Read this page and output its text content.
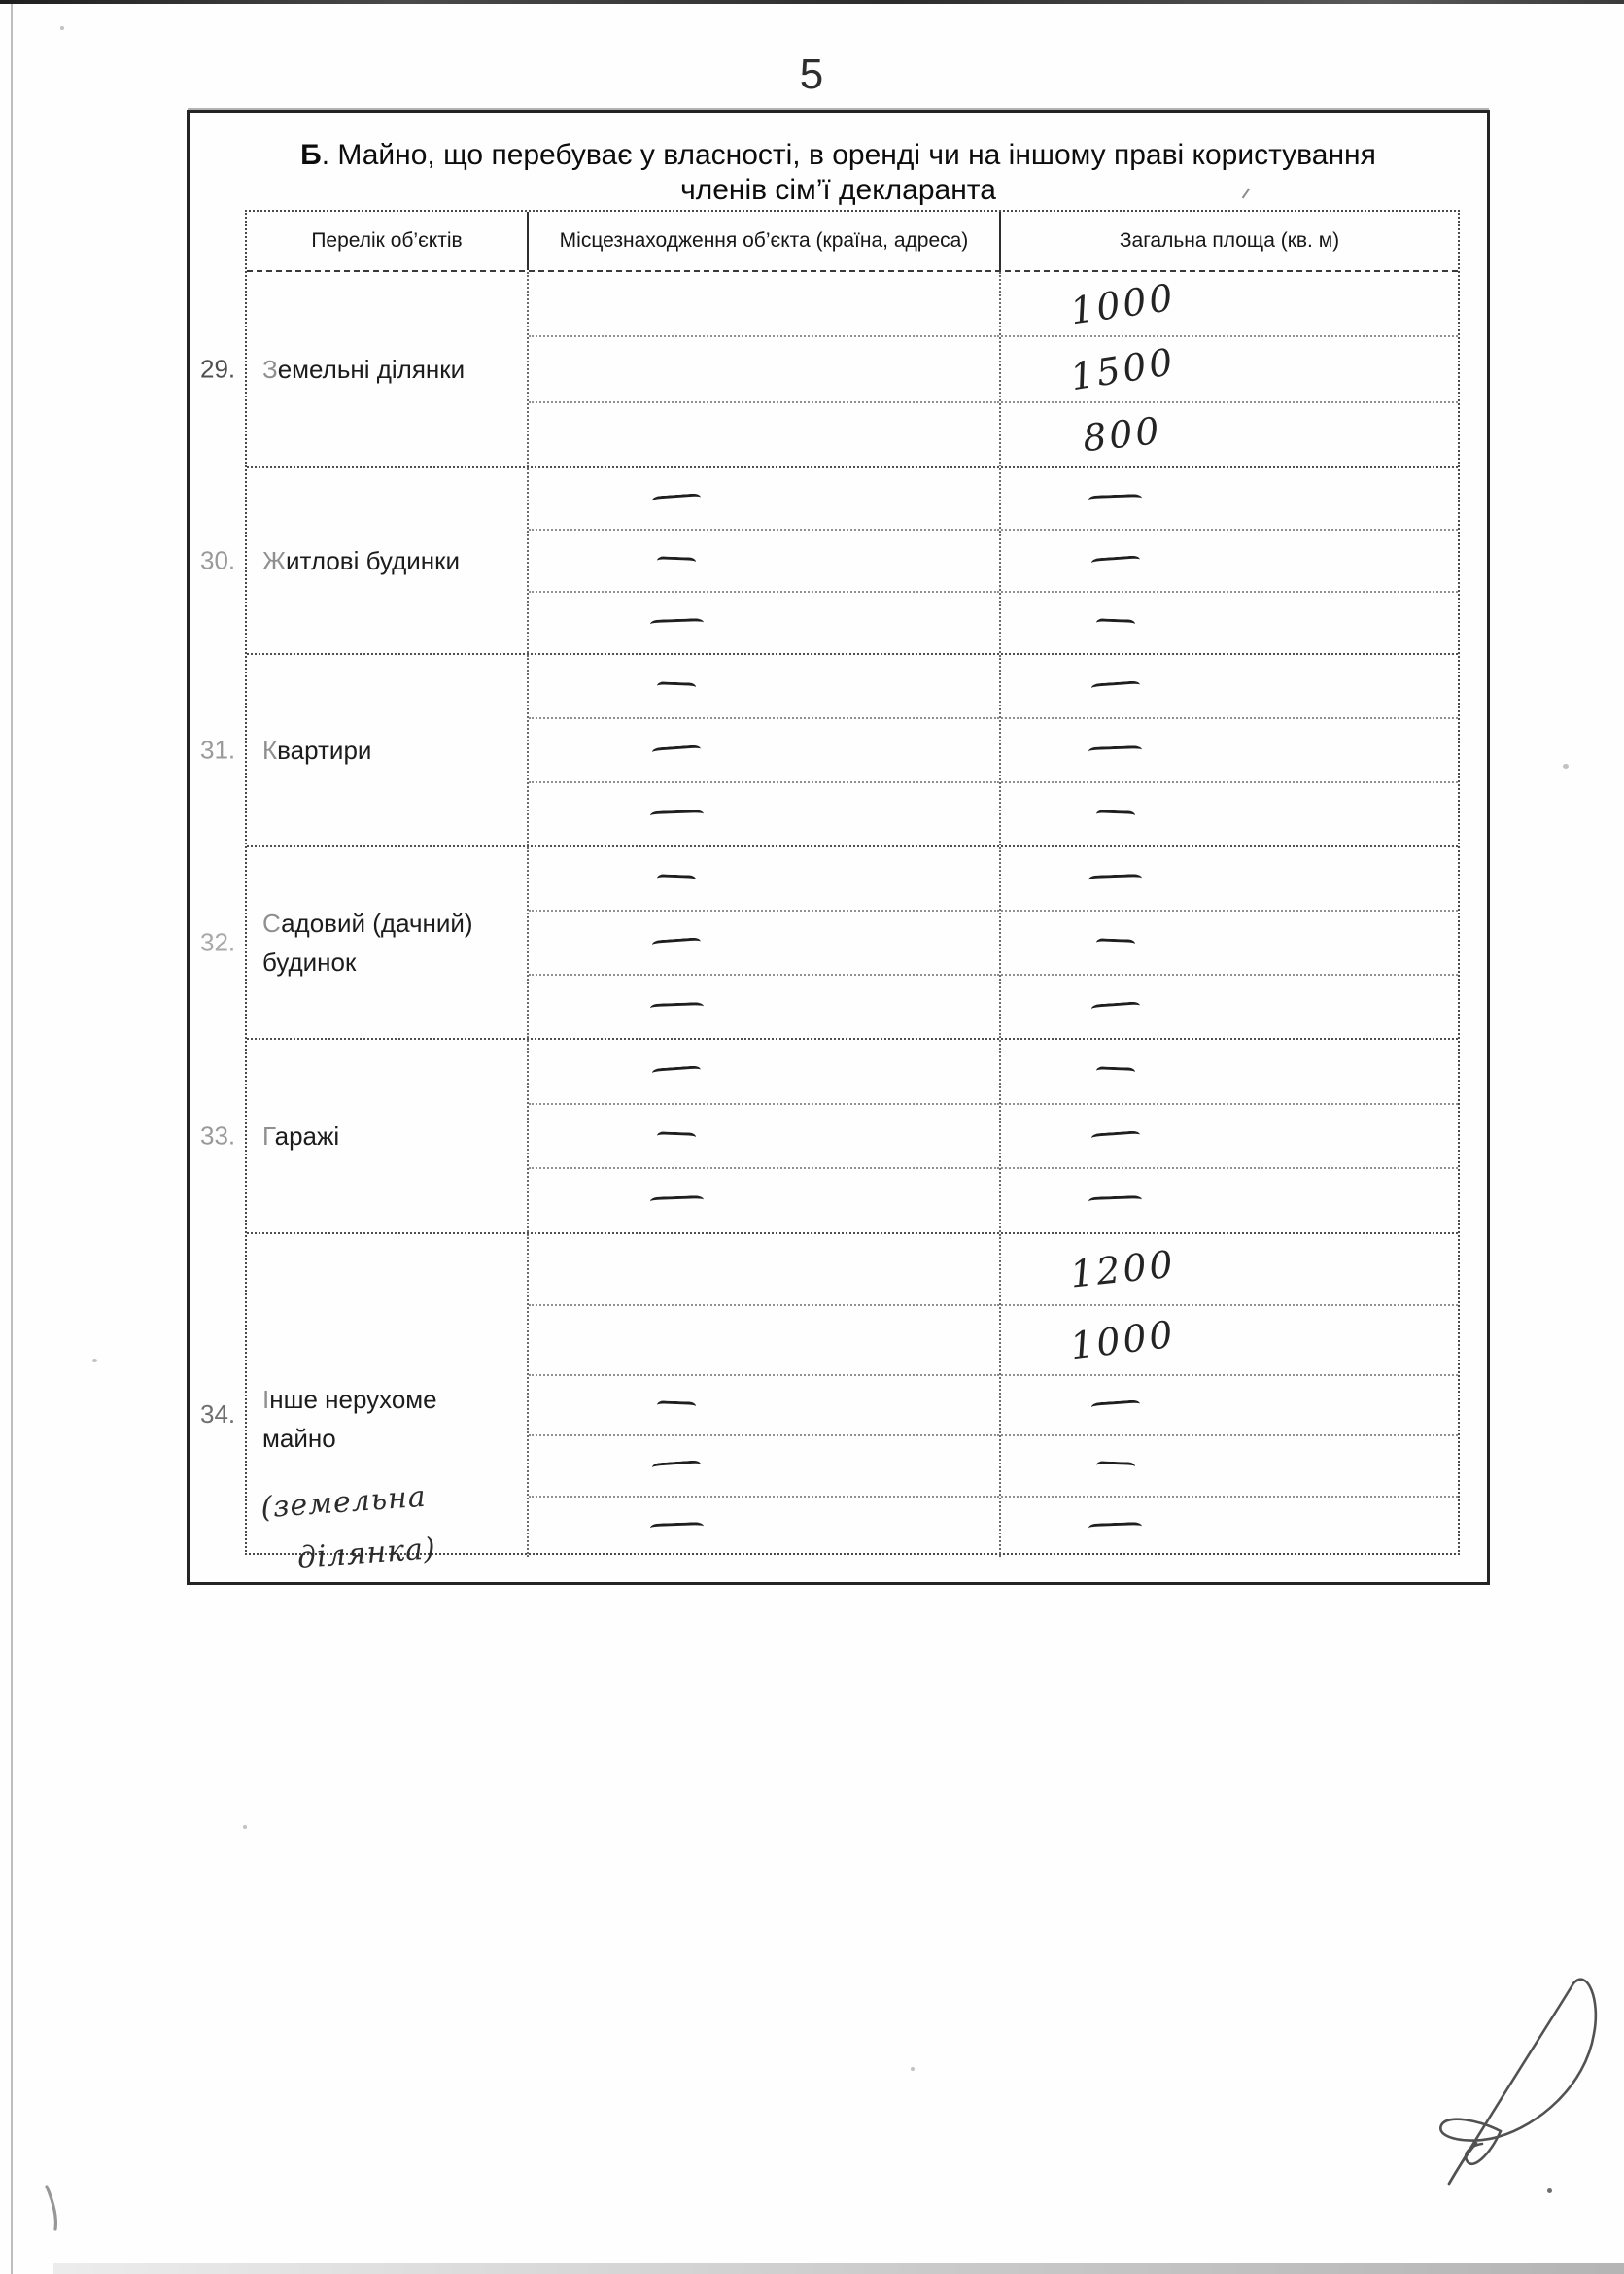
5
Б. Майно, що перебуває у власності, в оренді чи на іншому праві користування
членів сім’ї декларанта
Перелік об’єктів	Місцезнаходження об’єкта (країна, адреса)	Загальна площа (кв. м)
29. Земельні ділянки
1000
1500
800
30. Житлові будинки
31. Квартири
32.
Садовий (дачний) будинок
33. Гаражі
34. Інше нерухоме майно
(земельна
ділянка)
1200
1000
